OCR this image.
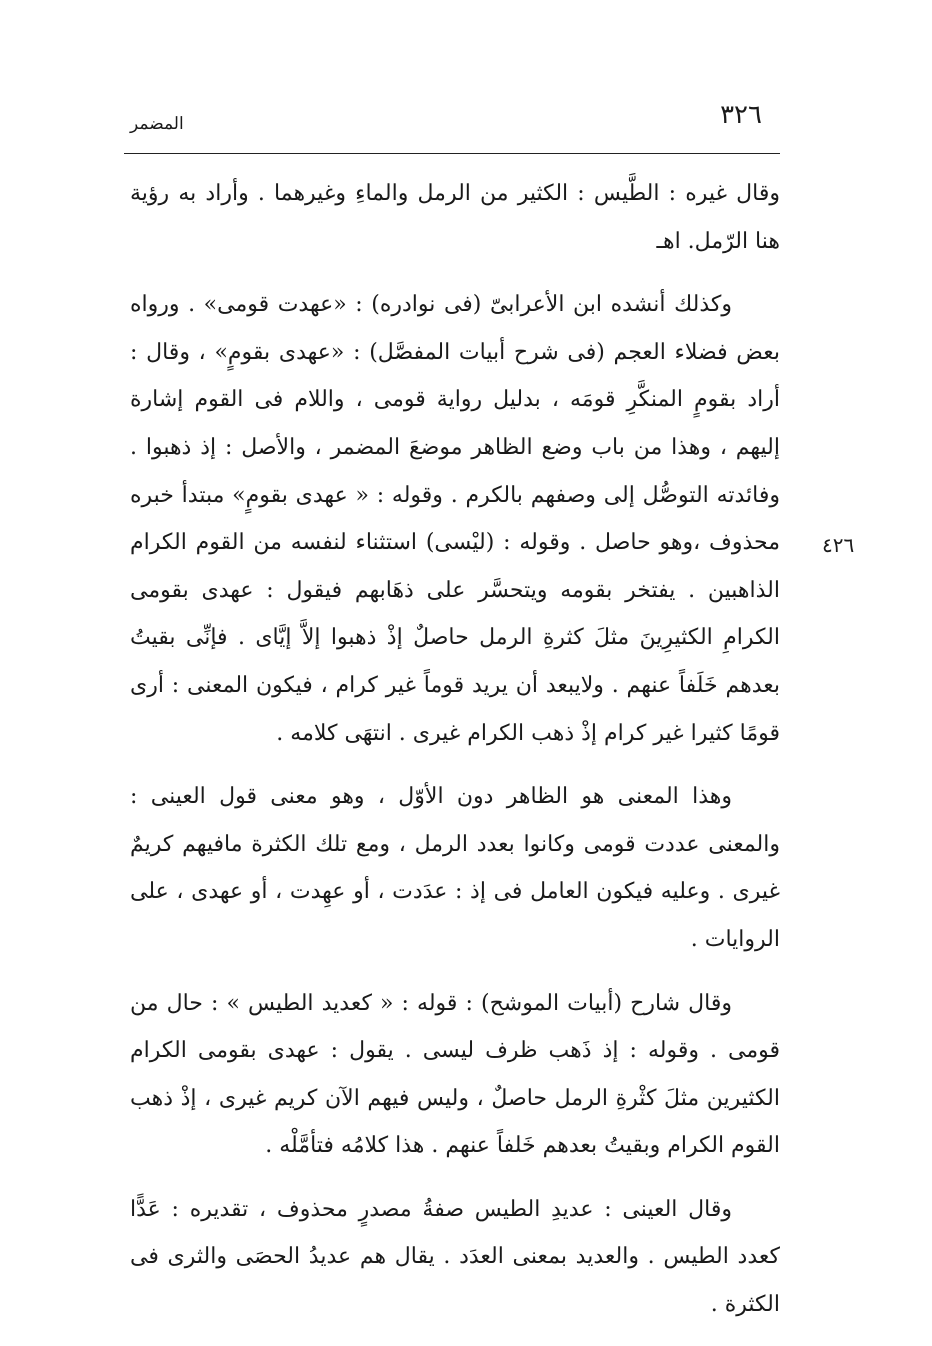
المضمر	٣٢٦
٤٢٦

وقال غيره : الطَّيس : الكثير من الرمل والماءِ وغيرهما . وأراد به رؤية هنا الرّمل. اهـ

وكذلك أنشده ابن الأعرابىّ (فى نوادره) : «عهدت قومى» . ورواه بعض فضلاء العجم (فى شرح أبيات المفصَّل) : «عهدى بقومٍ» ، وقال : أراد بقومٍ المنكَّرِ قومَه ، بدليل رواية قومى ، واللام فى القوم إشارة إليهم ، وهذا من باب وضع الظاهر موضعَ المضمر ، والأصل : إذ ذهبوا . وفائدته التوصُّل إلى وصفهم بالكرم . وقوله : « عهدى بقومٍ» مبتدأ خبره محذوف ،وهو حاصل . وقوله : (ليْسى) استثناء لنفسه من القوم الكرام الذاهبين . يفتخر بقومه ويتحسَّر على ذهَابهم فيقول : عهدى بقومى الكرامِ الكثيرِينَ مثلَ كثرةِ الرمل حاصلٌ إذْ ذهبوا إلاَّ إيَّاى . فإنِّى بقيتُ بعدهم خَلَفاً عنهم . ولايبعد أن يريد قوماً غير كرام ، فيكون المعنى : أرى قومًا كثيرا غير كرام إذْ ذهب الكرام غيرى . انتهَى كلامه .

وهذا المعنى هو الظاهر دون الأوّل ، وهو معنى قول العينى : والمعنى عددت قومى وكانوا بعدد الرمل ، ومع تلك الكثرة مافيهم كريمٌ غيرى . وعليه فيكون العامل فى إذ : عدَدت ، أو عهِدت ، أو عهدى ، على الروايات .

وقال شارح (أبيات الموشح) : قوله : « كعديد الطيس » : حال من قومى . وقوله : إذ ذَهب ظرف ليسى . يقول : عهدى بقومى الكرام الكثيرين مثلَ كثْرةِ الرمل حاصلٌ ، وليس فيهم الآن كريم غيرى ، إذْ ذهب القوم الكرام وبقيتُ بعدهم خَلفاً عنهم . هذا كلامُه فتأمَّلْه .

وقال العينى : عديدِ الطيس صفةُ مصدرٍ محذوف ، تقديره : عَدًّا كعدد الطيس . والعديد بمعنى العدَد . يقال هم عديدُ الحصَى والثرى فى الكثرة .
